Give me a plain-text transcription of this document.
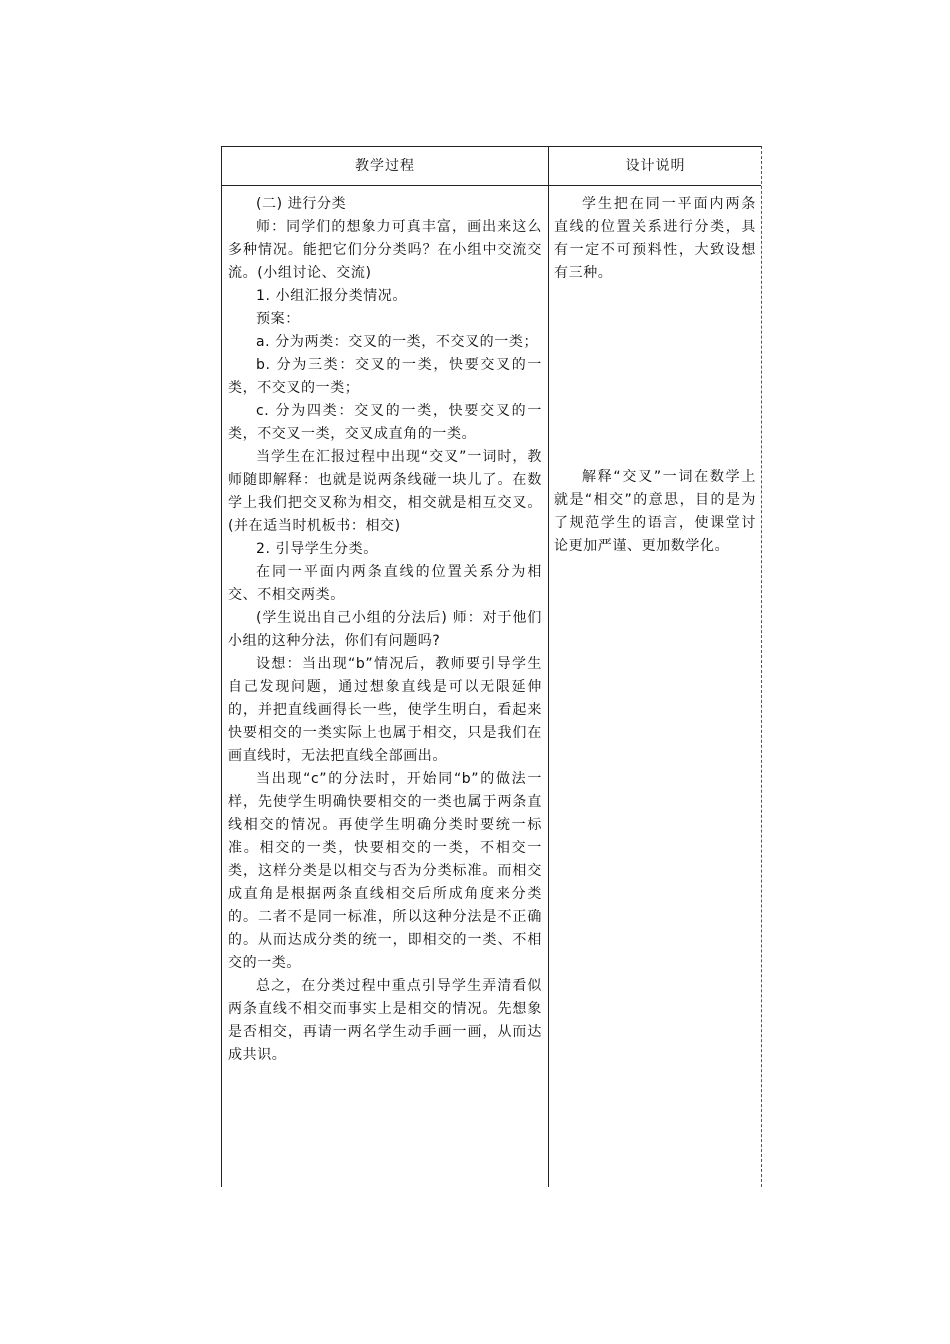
教学过程	设计说明

(二) 进行分类

师：同学们的想象力可真丰富，画出来这么多种情况。能把它们分分类吗？在小组中交流交流。(小组讨论、交流)

1. 小组汇报分类情况。

预案：

a. 分为两类：交叉的一类，不交叉的一类；

b. 分为三类：交叉的一类，快要交叉的一类，不交叉的一类；

c. 分为四类：交叉的一类，快要交叉的一类，不交叉一类，交叉成直角的一类。

当学生在汇报过程中出现“交叉”一词时，教师随即解释：也就是说两条线碰一块儿了。在数学上我们把交叉称为相交，相交就是相互交叉。(并在适当时机板书：相交)

2. 引导学生分类。

在同一平面内两条直线的位置关系分为相交、不相交两类。

(学生说出自己小组的分法后) 师：对于他们小组的这种分法，你们有问题吗?

设想：当出现“b”情况后，教师要引导学生自己发现问题，通过想象直线是可以无限延伸的，并把直线画得长一些，使学生明白，看起来快要相交的一类实际上也属于相交，只是我们在画直线时，无法把直线全部画出。

当出现“c”的分法时，开始同“b”的做法一样，先使学生明确快要相交的一类也属于两条直线相交的情况。再使学生明确分类时要统一标准。相交的一类，快要相交的一类，不相交一类，这样分类是以相交与否为分类标准。而相交成直角是根据两条直线相交后所成角度来分类的。二者不是同一标准，所以这种分法是不正确的。从而达成分类的统一，即相交的一类、不相交的一类。

总之，在分类过程中重点引导学生弄清看似两条直线不相交而事实上是相交的情况。先想象是否相交，再请一两名学生动手画一画，从而达成共识。

学生把在同一平面内两条直线的位置关系进行分类，具有一定不可预料性，大致设想有三种。

解释“交叉”一词在数学上就是“相交”的意思，目的是为了规范学生的语言，使课堂讨论更加严谨、更加数学化。
